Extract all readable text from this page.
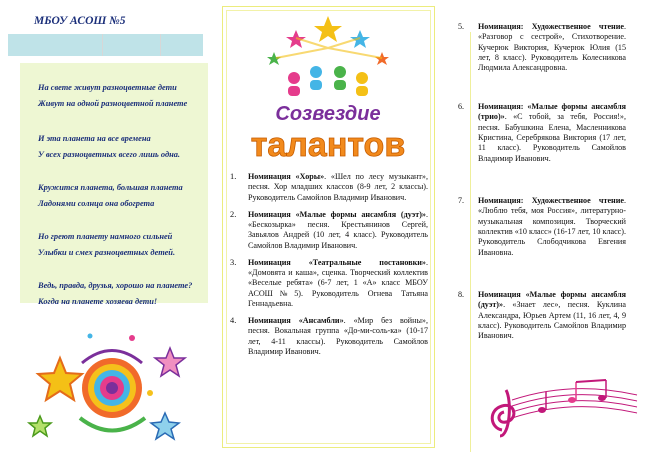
МБОУ АСОШ №5
На свете живут разноцветные дети
Живут на одной разноцветной планете
И эта планета на все времена
У всех разноцветных всего лишь одна.
Кружится планета, большая планета
Ладонями солнца она обогрета
Но греют планету намного сильней
Улыбки и смех разноцветных детей.
Ведь, правда, друзья, хорошо на планете?
Когда на планете хозяева дети!
Созвездие
талантов
1. Номинация «Хоры». «Шел по лесу музыкант», песня. Хор младших классов (8-9 лет, 2 классы). Руководитель Самойлов Владимир Иванович.
2. Номинация «Малые формы ансамбля (дуэт)». «Бескозырка» песня. Крестьянинов Сергей, Завьялов Андрей (10 лет, 4 класс). Руководитель Самойлов Владимир Иванович.
3. Номинация «Театральные постановки». «Домовята и каша», сценка. Творческий коллектив «Веселые ребята» (6-7 лет, 1 «А» класс МБОУ АСОШ№5). Руководитель Огнева Татьяна Геннадьевна.
4. Номинация «Ансамбли». «Мир без войны», песня. Вокальная группа «До-ми-соль-ка» (10-17 лет, 4-11 классы). Руководитель Самойлов Владимир Иванович.
5. Номинация: Художественное чтение. «Разговор с сестрой», Стихотворение. Кучерюк Виктория, Кучерюк Юлия (15 лет, 8 класс). Руководитель Колесникова Людмила Александровна.
6. Номинация: «Малые формы ансамбля (трио)». «С тобой, за тебя, Россия!», песня. Бабушкина Елена, Масленникова Кристина, Серебрякова Виктория (17 лет, 11 класс). Руководитель Самойлов Владимир Иванович.
7. Номинация: Художественное чтение. «Люблю тебя, моя Россия», литературно-музыкальная композиция. Творческий коллектив «10 класс» (16-17 лет, 10 класс). Руководитель Слободчикова Евгения Ивановна.
8. Номинация «Малые формы ансамбля (дуэт)». «Знает лес», песня. Куклина Александра, Юрьев Артем (11, 16 лет, 4, 9 класс). Руководитель Самойлов Владимир Иванович.
